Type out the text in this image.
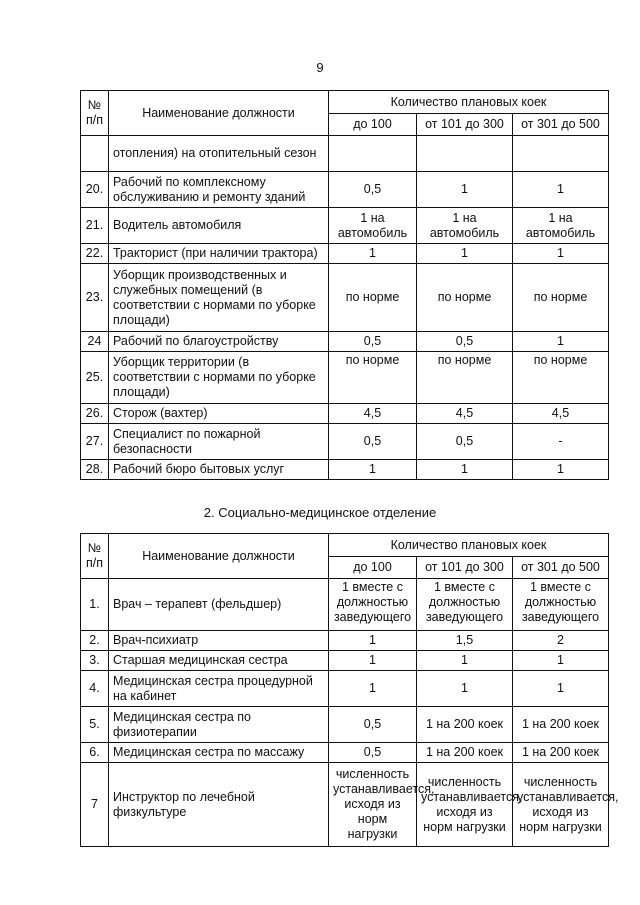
9
№
п/п	Наименование должности	Количество плановых коек		
		до 100	от 101 до 300	от 301 до 500
	отопления) на отопительный сезон			
20.	Рабочий по комплексному обслуживанию и ремонту зданий	0,5	1	1
21.	Водитель автомобиля	1 на автомобиль	1 на автомобиль	1 на автомобиль
22.	Тракторист (при наличии трактора)	1	1	1
23.	Уборщик производственных и служебных помещений (в соответствии с нормами по уборке площади)	по норме	по норме	по норме
24	Рабочий по благоустройству	0,5	0,5	1
25.	Уборщик территории (в соответствии с нормами по уборке площади)	по норме	по норме	по норме
26.	Сторож (вахтер)	4,5	4,5	4,5
27.	Специалист по пожарной безопасности	0,5	0,5	-
28.	Рабочий бюро бытовых услуг	1	1	1
2. Социально-медицинское отделение
№
п/п	Наименование должности	Количество плановых коек		
		до 100	от 101 до 300	от 301 до 500
1.	Врач – терапевт (фельдшер)	1 вместе с должностью заведующего	1 вместе с должностью заведующего	1 вместе с должностью заведующего
2.	Врач-психиатр	1	1,5	2
3.	Старшая медицинская сестра	1	1	1
4.	Медицинская сестра процедурной на кабинет	1	1	1
5.	Медицинская сестра по физиотерапии	0,5	1 на 200 коек	1 на 200 коек
6.	Медицинская сестра по массажу	0,5	1 на 200 коек	1 на 200 коек
7	Инструктор по лечебной физкультуре	численность устанавливается, исходя из норм нагрузки	численность устанавливается, исходя из норм нагрузки	численность устанавливается, исходя из норм нагрузки
